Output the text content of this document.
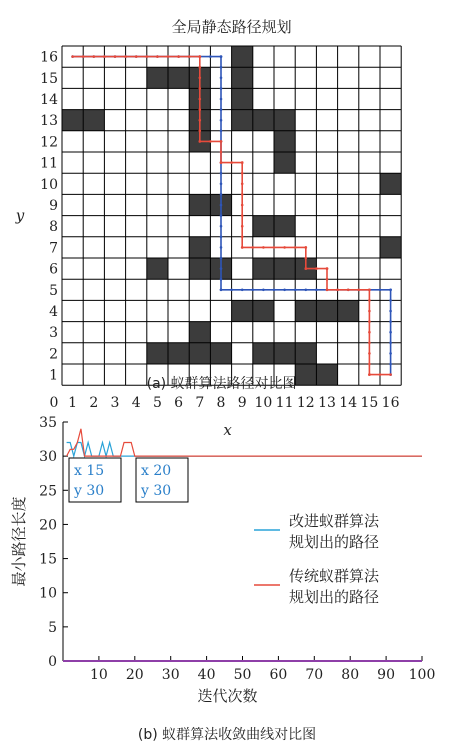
全局静态路径规划
0 1 2 3 4 5 6 7 8 9 10 11 12 13 14 15 16
1
2
3
4
5
6
7
8
9
10
11
12
13
14
15
16
x
y
(a) 蚁群算法路径对比图
0
5
10
15
20
25
30
35
10 20 30 40 50 60 70 80 90 100
x 15
y 30
x 20
y 30
改进蚁群算法规划出的路径
传统蚁群算法规划出的路径
迭代次数
最小路径长度
(b) 蚁群算法收敛曲线对比图
